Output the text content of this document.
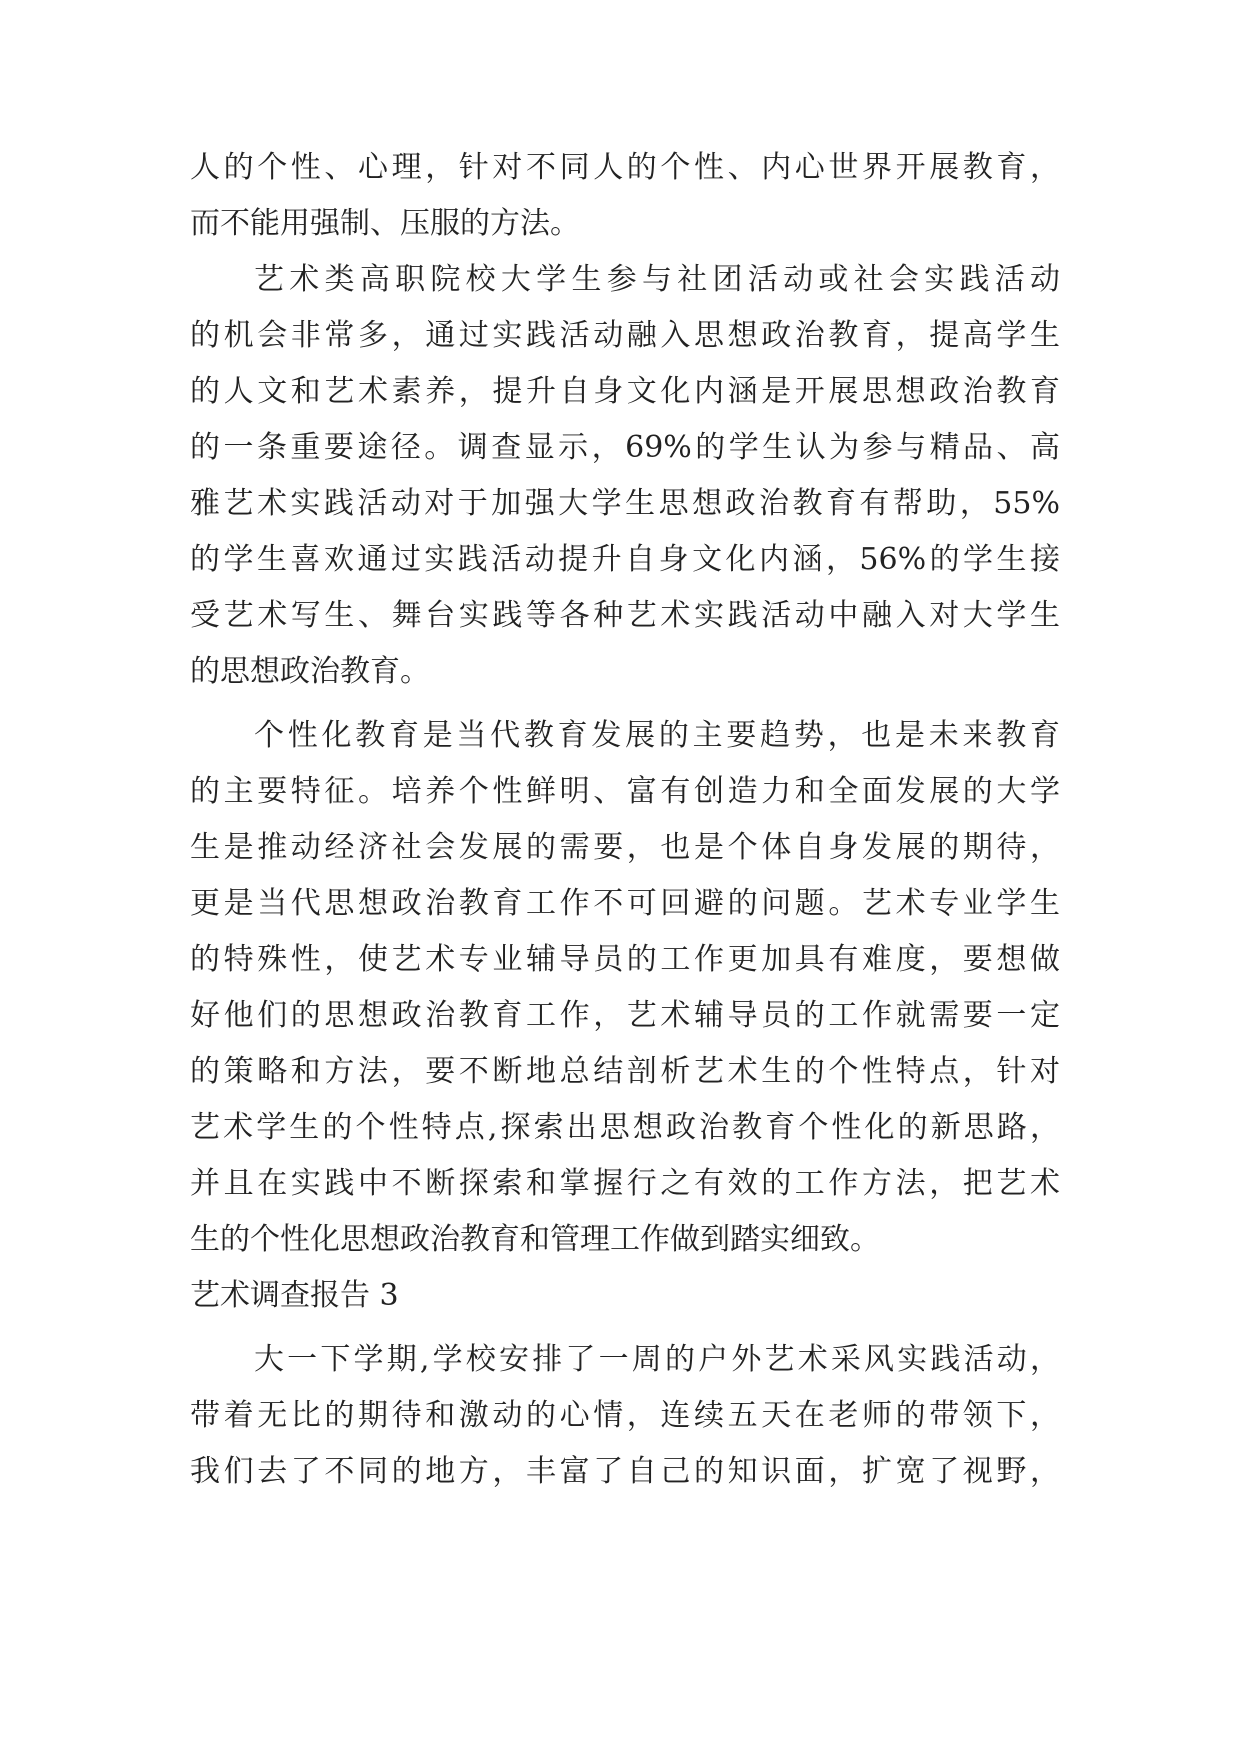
人的个性、心理，针对不同人的个性、内心世界开展教育，
而不能用强制、压服的方法。
艺术类高职院校大学生参与社团活动或社会实践活动
的机会非常多，通过实践活动融入思想政治教育，提高学生
的人文和艺术素养，提升自身文化内涵是开展思想政治教育
的一条重要途径。调查显示，69%的学生认为参与精品、高
雅艺术实践活动对于加强大学生思想政治教育有帮助，55%
的学生喜欢通过实践活动提升自身文化内涵，56%的学生接
受艺术写生、舞台实践等各种艺术实践活动中融入对大学生
的思想政治教育。
个性化教育是当代教育发展的主要趋势，也是未来教育
的主要特征。培养个性鲜明、富有创造力和全面发展的大学
生是推动经济社会发展的需要，也是个体自身发展的期待，
更是当代思想政治教育工作不可回避的问题。艺术专业学生
的特殊性，使艺术专业辅导员的工作更加具有难度，要想做
好他们的思想政治教育工作，艺术辅导员的工作就需要一定
的策略和方法，要不断地总结剖析艺术生的个性特点，针对
艺术学生的个性特点,探索出思想政治教育个性化的新思路，
并且在实践中不断探索和掌握行之有效的工作方法，把艺术
生的个性化思想政治教育和管理工作做到踏实细致。
艺术调查报告 3
大一下学期,学校安排了一周的户外艺术采风实践活动，
带着无比的期待和激动的心情，连续五天在老师的带领下，
我们去了不同的地方，丰富了自己的知识面，扩宽了视野，
